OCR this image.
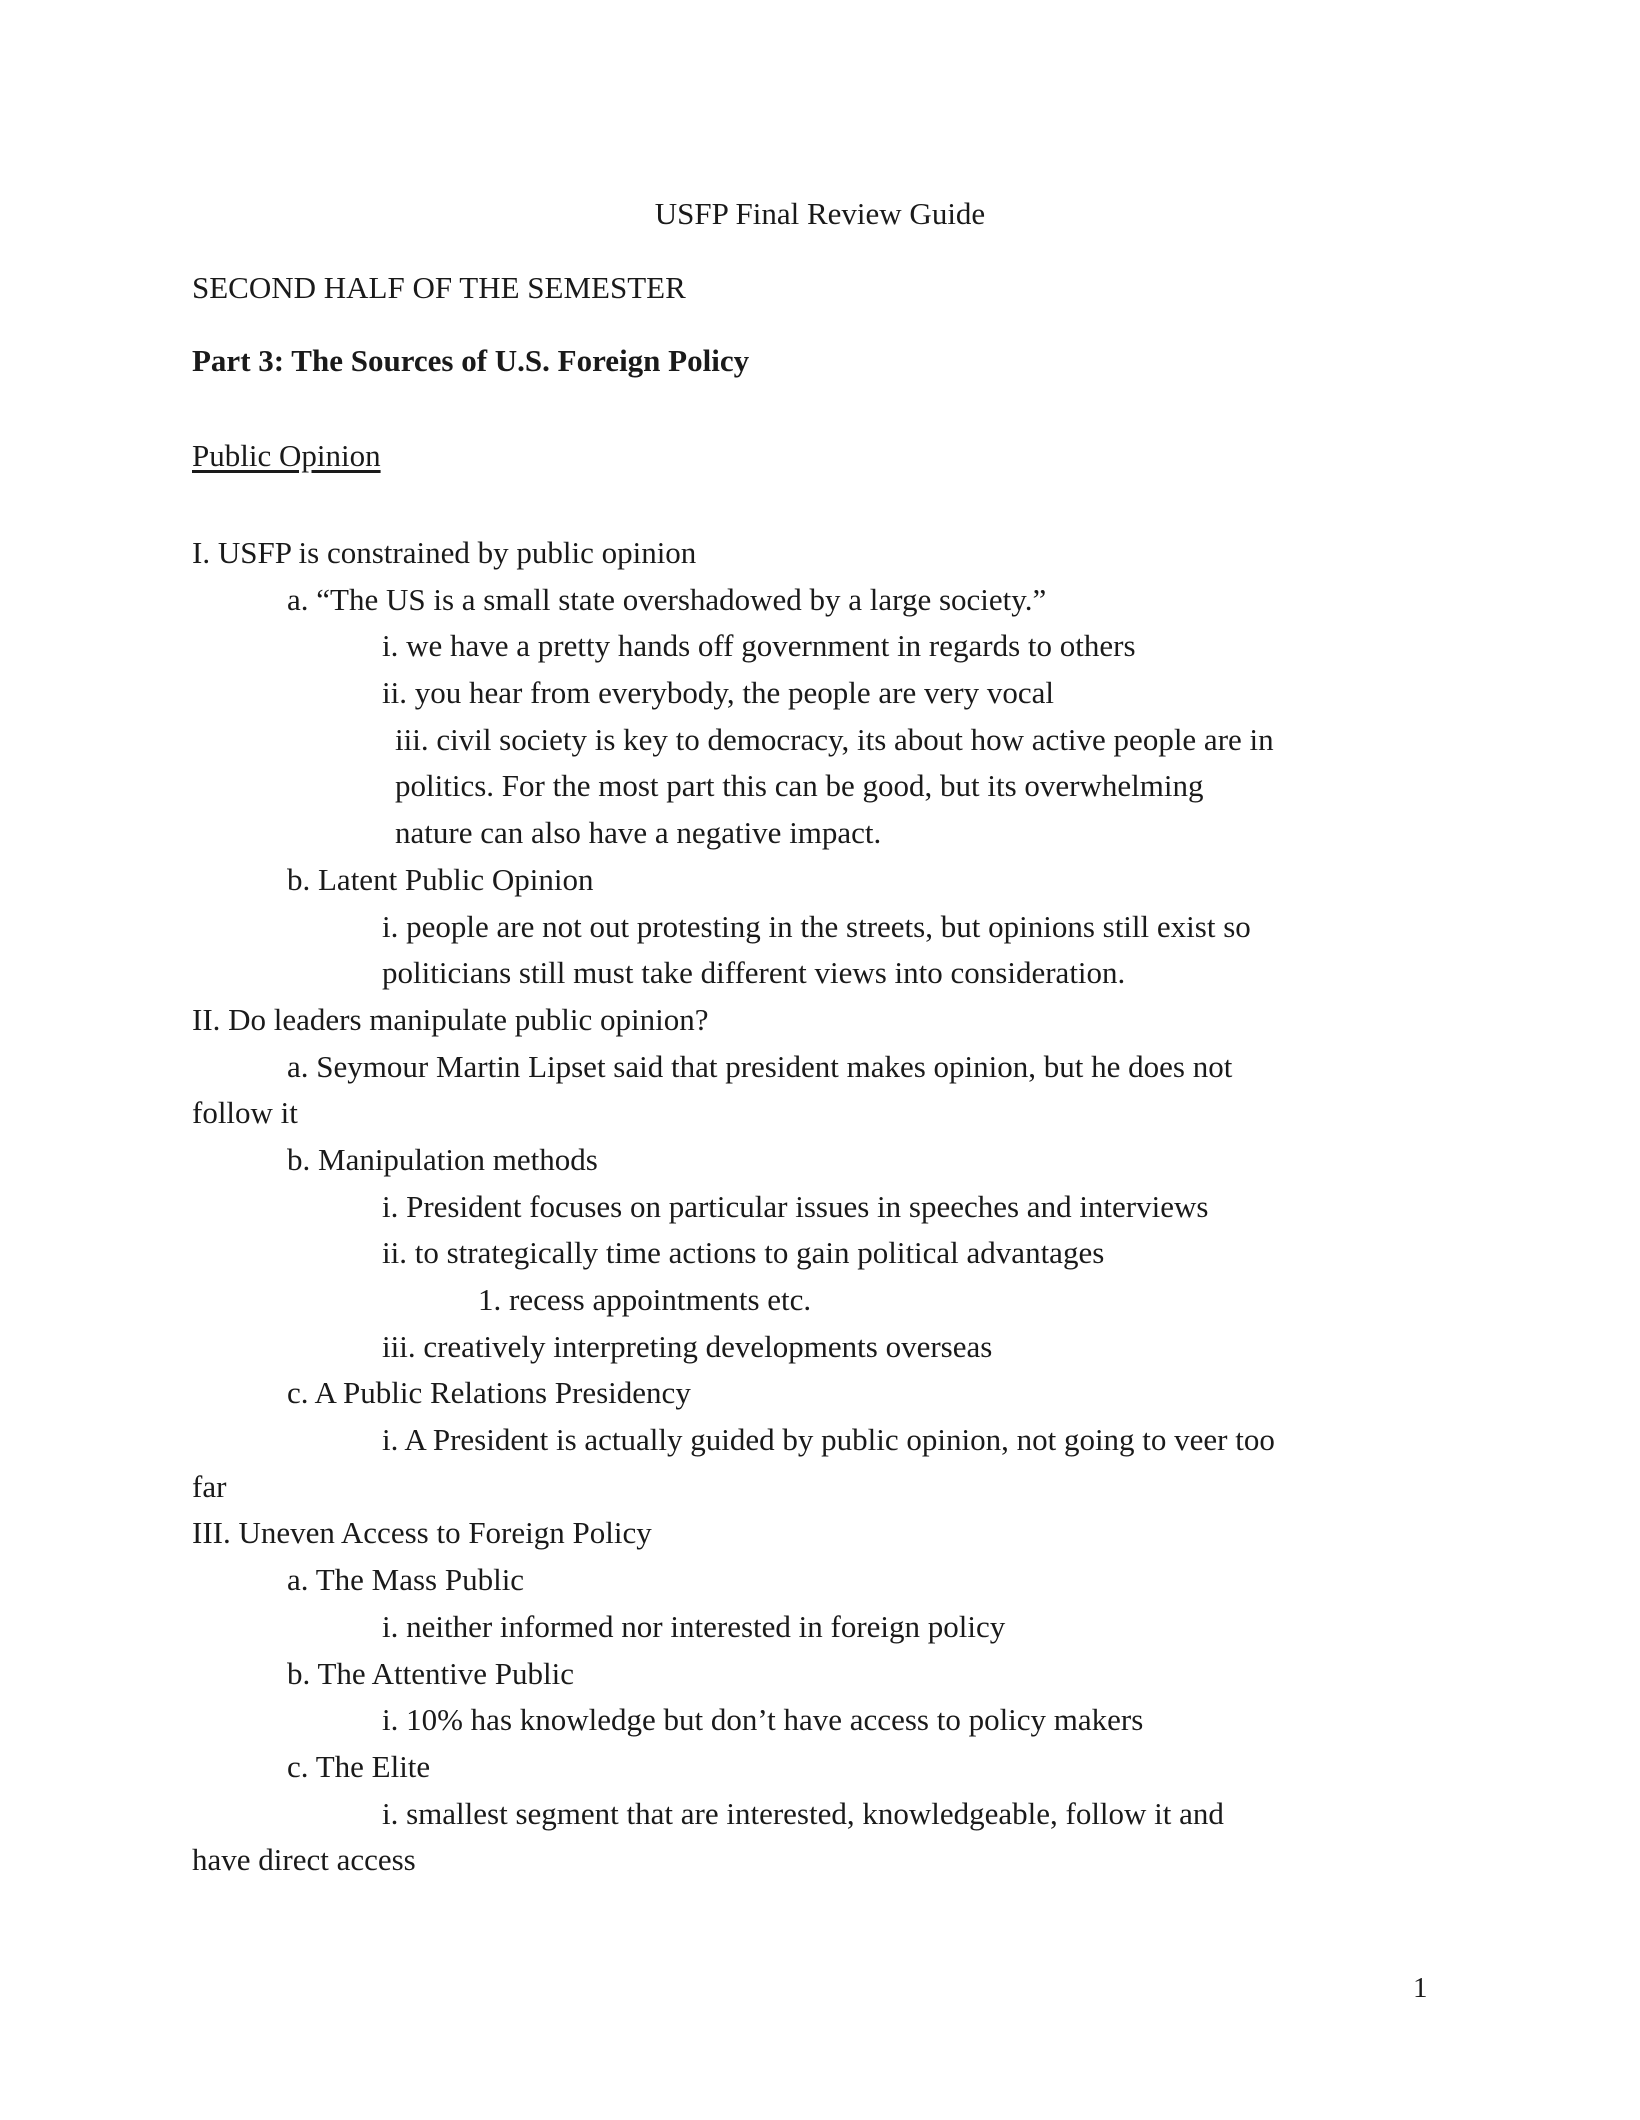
USFP Final Review Guide
SECOND HALF OF THE SEMESTER
Part 3: The Sources of U.S. Foreign Policy
Public Opinion
I. USFP is constrained by public opinion
a. “The US is a small state overshadowed by a large society.”
i. we have a pretty hands off government in regards to others
ii. you hear from everybody, the people are very vocal
iii. civil society is key to democracy, its about how active people are in
politics. For the most part this can be good, but its overwhelming
nature can also have a negative impact.
b. Latent Public Opinion
i. people are not out protesting in the streets, but opinions still exist so
politicians still must take different views into consideration.
II. Do leaders manipulate public opinion?
a. Seymour Martin Lipset said that president makes opinion, but he does not
follow it
b. Manipulation methods
i. President focuses on particular issues in speeches and interviews
ii. to strategically time actions to gain political advantages
1. recess appointments etc.
iii. creatively interpreting developments overseas
c. A Public Relations Presidency
i. A President is actually guided by public opinion, not going to veer too
far
III. Uneven Access to Foreign Policy
a. The Mass Public
i. neither informed nor interested in foreign policy
b. The Attentive Public
i. 10% has knowledge but don’t have access to policy makers
c. The Elite
i. smallest segment that are interested, knowledgeable, follow it and
have direct access
1
